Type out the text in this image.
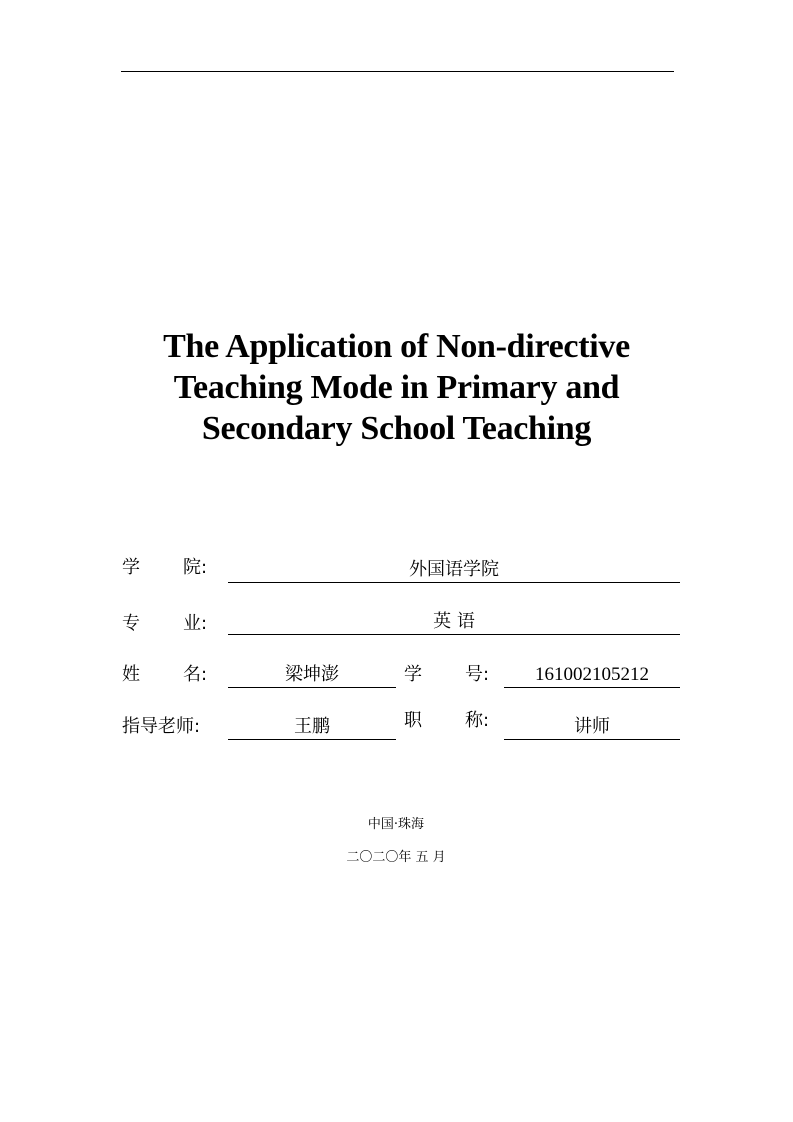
The Application of Non-directive
Teaching Mode in Primary and
Secondary School Teaching
学 院:	外国语学院
专 业:	英 语
姓 名:	梁坤澎	学 号:	161002105212
指导老师:	王鹏	职 称:	讲师
中国·珠海
二〇二〇年 五 月
